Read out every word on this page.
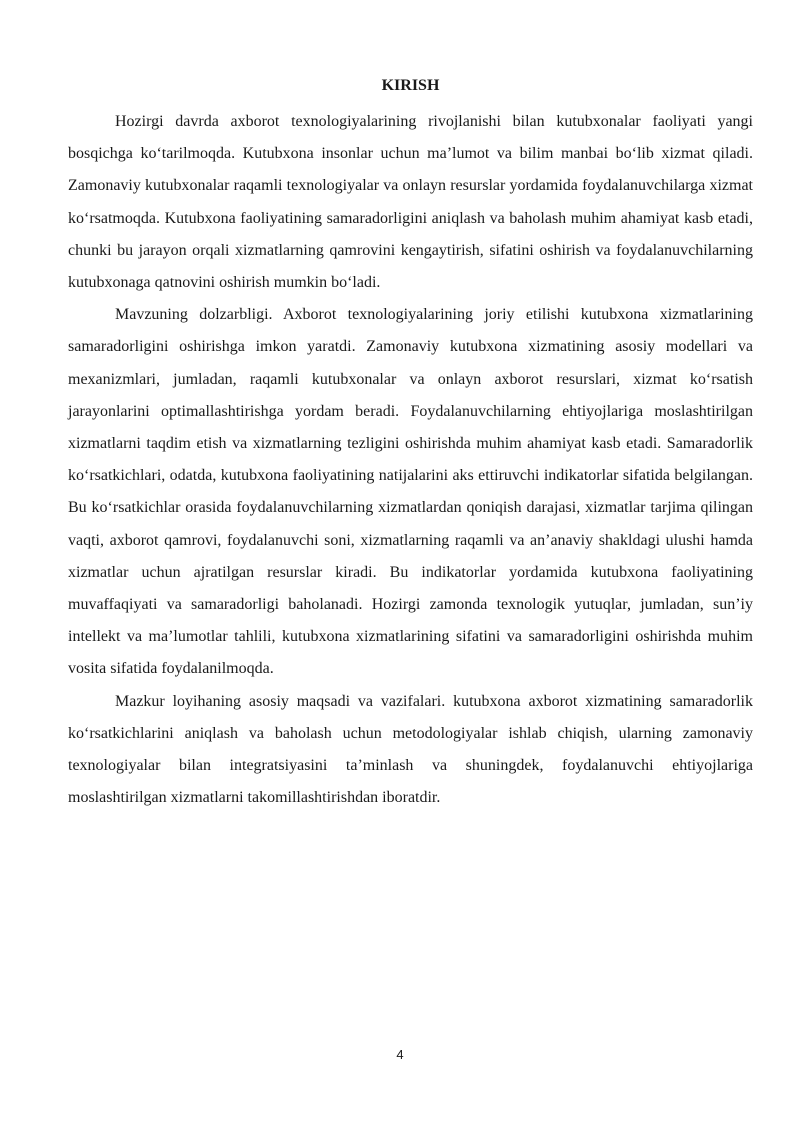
KIRISH

Hozirgi davrda axborot texnologiyalarining rivojlanishi bilan kutubxonalar faoliyati yangi bosqichga ko‘tarilmoqda. Kutubxona insonlar uchun ma’lumot va bilim manbai bo‘lib xizmat qiladi. Zamonaviy kutubxonalar raqamli texnologiyalar va onlayn resurslar yordamida foydalanuvchilarga xizmat ko‘rsatmoqda. Kutubxona faoliyatining samaradorligini aniqlash va baholash muhim ahamiyat kasb etadi, chunki bu jarayon orqali xizmatlarning qamrovini kengaytirish, sifatini oshirish va foydalanuvchilarning kutubxonaga qatnovini oshirish mumkin bo‘ladi.

Mavzuning dolzarbligi. Axborot texnologiyalarining joriy etilishi kutubxona xizmatlarining samaradorligini oshirishga imkon yaratdi. Zamonaviy kutubxona xizmatining asosiy modellari va mexanizmlari, jumladan, raqamli kutubxonalar va onlayn axborot resurslari, xizmat ko‘rsatish jarayonlarini optimallashtirishga yordam beradi. Foydalanuvchilarning ehtiyojlariga moslashtirilgan xizmatlarni taqdim etish va xizmatlarning tezligini oshirishda muhim ahamiyat kasb etadi. Samaradorlik ko‘rsatkichlari, odatda, kutubxona faoliyatining natijalarini aks ettiruvchi indikatorlar sifatida belgilangan. Bu ko‘rsatkichlar orasida foydalanuvchilarning xizmatlardan qoniqish darajasi, xizmatlar tarjima qilingan vaqti, axborot qamrovi, foydalanuvchi soni, xizmatlarning raqamli va an’anaviy shakldagi ulushi hamda xizmatlar uchun ajratilgan resurslar kiradi. Bu indikatorlar yordamida kutubxona faoliyatining muvaffaqiyati va samaradorligi baholanadi. Hozirgi zamonda texnologik yutuqlar, jumladan, sun’iy intellekt va ma’lumotlar tahlili, kutubxona xizmatlarining sifatini va samaradorligini oshirishda muhim vosita sifatida foydalanilmoqda.

Mazkur loyihaning asosiy maqsadi va vazifalari. kutubxona axborot xizmatining samaradorlik ko‘rsatkichlarini aniqlash va baholash uchun metodologiyalar ishlab chiqish, ularning zamonaviy texnologiyalar bilan integratsiyasini ta’minlash va shuningdek, foydalanuvchi ehtiyojlariga moslashtirilgan xizmatlarni takomillashtirishdan iboratdir.

4
